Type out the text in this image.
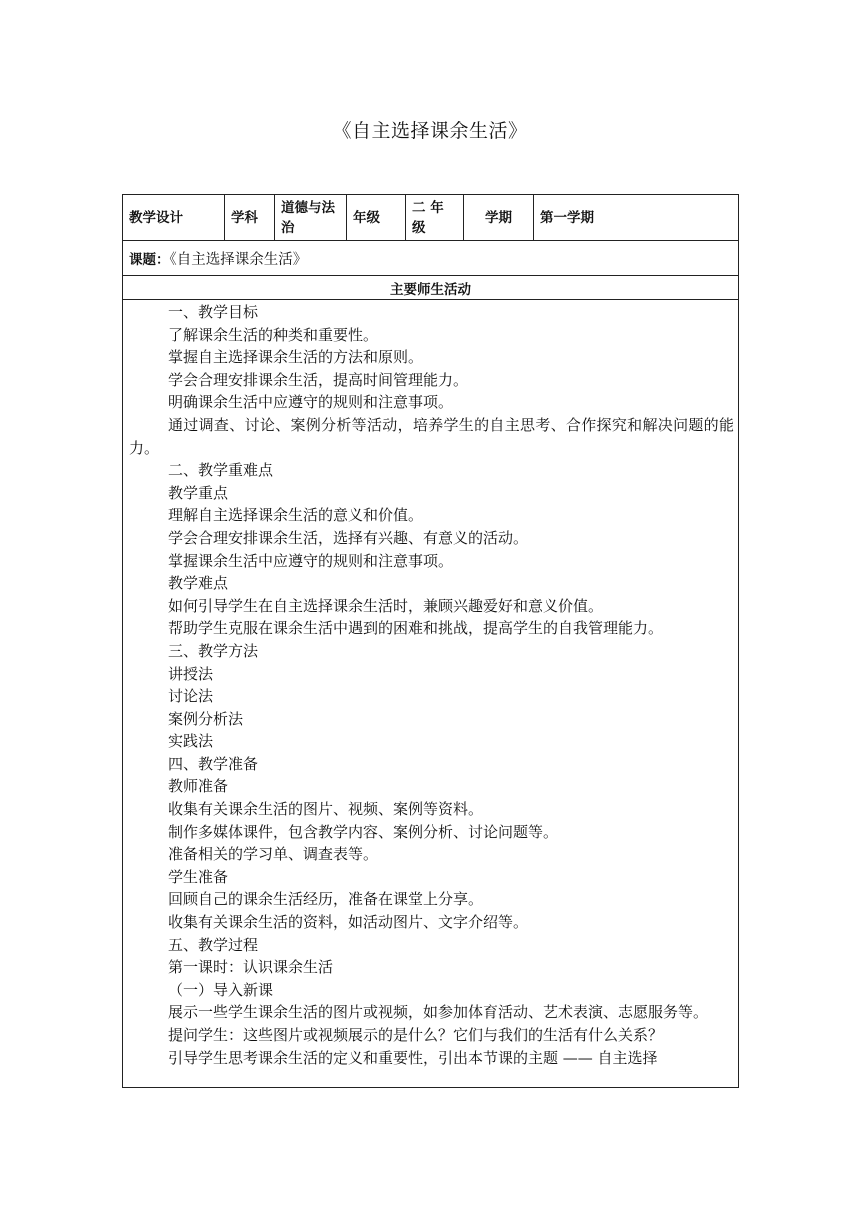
《自主选择课余生活》
教学设计	学科	道德与法治	年级	二 年级	学期	第一学期
课题：《自主选择课余生活》
主要师生活动

一、教学目标
了解课余生活的种类和重要性。
掌握自主选择课余生活的方法和原则。
学会合理安排课余生活，提高时间管理能力。
明确课余生活中应遵守的规则和注意事项。
通过调查、讨论、案例分析等活动，培养学生的自主思考、合作探究和解决问题的能力。
二、教学重难点
教学重点
理解自主选择课余生活的意义和价值。
学会合理安排课余生活，选择有兴趣、有意义的活动。
掌握课余生活中应遵守的规则和注意事项。
教学难点
如何引导学生在自主选择课余生活时，兼顾兴趣爱好和意义价值。
帮助学生克服在课余生活中遇到的困难和挑战，提高学生的自我管理能力。
三、教学方法
讲授法
讨论法
案例分析法
实践法
四、教学准备
教师准备
收集有关课余生活的图片、视频、案例等资料。
制作多媒体课件，包含教学内容、案例分析、讨论问题等。
准备相关的学习单、调查表等。
学生准备
回顾自己的课余生活经历，准备在课堂上分享。
收集有关课余生活的资料，如活动图片、文字介绍等。
五、教学过程
第一课时：认识课余生活
（一）导入新课
展示一些学生课余生活的图片或视频，如参加体育活动、艺术表演、志愿服务等。
提问学生：这些图片或视频展示的是什么？它们与我们的生活有什么关系？
引导学生思考课余生活的定义和重要性，引出本节课的主题 —— 自主选择
